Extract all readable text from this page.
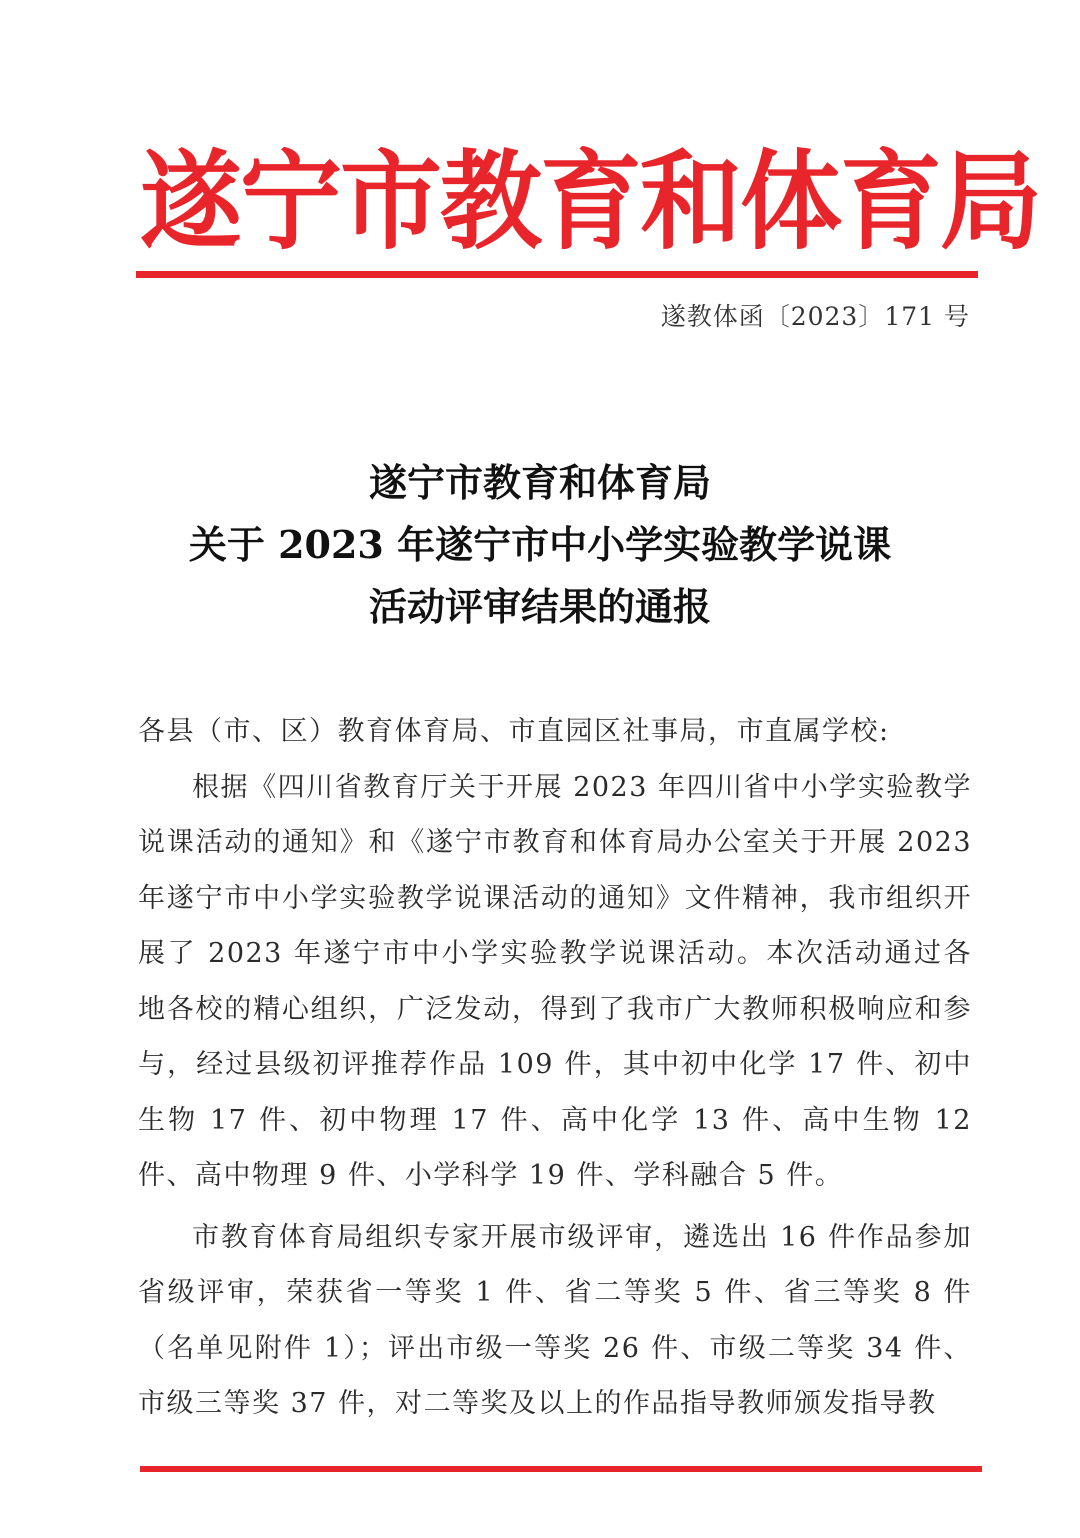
遂宁市教育和体育局
遂教体函〔2023〕171 号
遂宁市教育和体育局
关于 2023 年遂宁市中小学实验教学说课
活动评审结果的通报
各县（市、区）教育体育局、市直园区社事局，市直属学校:

根据《四川省教育厅关于开展 2023 年四川省中小学实验教学说课活动的通知》和《遂宁市教育和体育局办公室关于开展 2023 年遂宁市中小学实验教学说课活动的通知》文件精神，我市组织开展了 2023 年遂宁市中小学实验教学说课活动。本次活动通过各地各校的精心组织，广泛发动，得到了我市广大教师积极响应和参与，经过县级初评推荐作品 109 件，其中初中化学 17 件、初中生物 17 件、初中物理 17 件、高中化学 13 件、高中生物 12 件、高中物理 9 件、小学科学 19 件、学科融合 5 件。

市教育体育局组织专家开展市级评审，遴选出 16 件作品参加省级评审，荣获省一等奖 1 件、省二等奖 5 件、省三等奖 8 件（名单见附件 1）；评出市级一等奖 26 件、市级二等奖 34 件、市级三等奖 37 件，对二等奖及以上的作品指导教师颁发指导教
